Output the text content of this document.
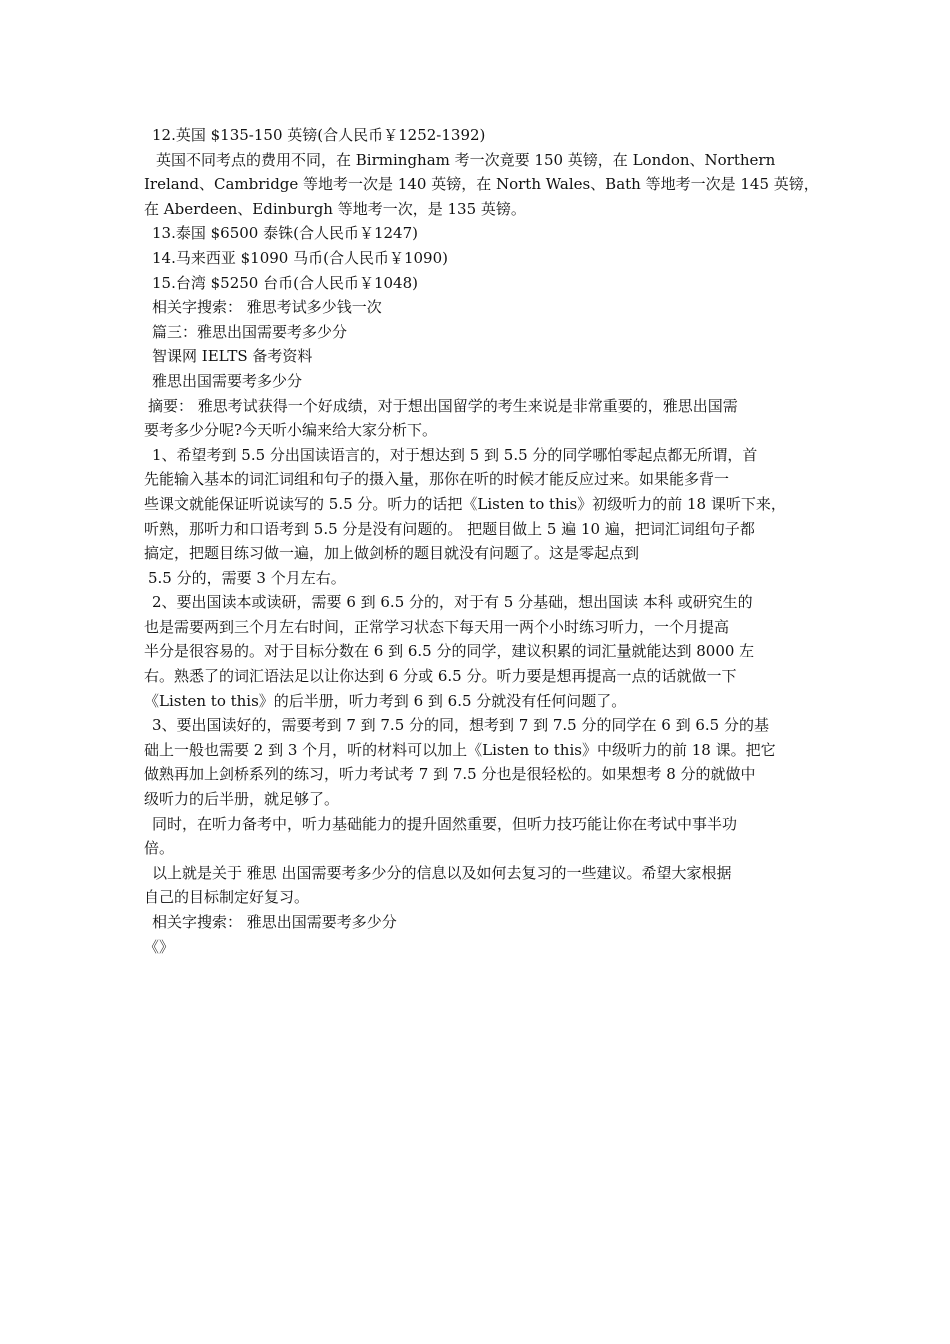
12.英国 $135-150 英镑(合人民币￥1252-1392)
英国不同考点的费用不同，在 Birmingham 考一次竟要 150 英镑，在 London、Northern
Ireland、Cambridge 等地考一次是 140 英镑，在 North Wales、Bath 等地考一次是 145 英镑，
在 Aberdeen、Edinburgh 等地考一次，是 135 英镑。
13.泰国 $6500 泰铢(合人民币￥1247)
14.马来西亚 $1090 马币(合人民币￥1090)
15.台湾 $5250 台币(合人民币￥1048)
相关字搜索： 雅思考试多少钱一次
篇三：雅思出国需要考多少分
智课网 IELTS 备考资料
雅思出国需要考多少分
摘要： 雅思考试获得一个好成绩，对于想出国留学的考生来说是非常重要的，雅思出国需
要考多少分呢?今天听小编来给大家分析下。
1、希望考到 5.5 分出国读语言的，对于想达到 5 到 5.5 分的同学哪怕零起点都无所谓，首
先能输入基本的词汇词组和句子的摄入量，那你在听的时候才能反应过来。如果能多背一
些课文就能保证听说读写的 5.5 分。听力的话把《Listen to this》初级听力的前 18 课听下来，
听熟，那听力和口语考到 5.5 分是没有问题的。 把题目做上 5 遍 10 遍，把词汇词组句子都
搞定，把题目练习做一遍，加上做剑桥的题目就没有问题了。这是零起点到
5.5 分的，需要 3 个月左右。
2、要出国读本或读研，需要 6 到 6.5 分的，对于有 5 分基础，想出国读 本科 或研究生的
也是需要两到三个月左右时间，正常学习状态下每天用一两个小时练习听力，一个月提高
半分是很容易的。对于目标分数在 6 到 6.5 分的同学，建议积累的词汇量就能达到 8000 左
右。熟悉了的词汇语法足以让你达到 6 分或 6.5 分。听力要是想再提高一点的话就做一下
《Listen to this》的后半册，听力考到 6 到 6.5 分就没有任何问题了。
3、要出国读好的，需要考到 7 到 7.5 分的同，想考到 7 到 7.5 分的同学在 6 到 6.5 分的基
础上一般也需要 2 到 3 个月，听的材料可以加上《Listen to this》中级听力的前 18 课。把它
做熟再加上剑桥系列的练习，听力考试考 7 到 7.5 分也是很轻松的。如果想考 8 分的就做中
级听力的后半册，就足够了。
同时，在听力备考中，听力基础能力的提升固然重要，但听力技巧能让你在考试中事半功
倍。
以上就是关于 雅思 出国需要考多少分的信息以及如何去复习的一些建议。希望大家根据
自己的目标制定好复习。
相关字搜索： 雅思出国需要考多少分
《》
